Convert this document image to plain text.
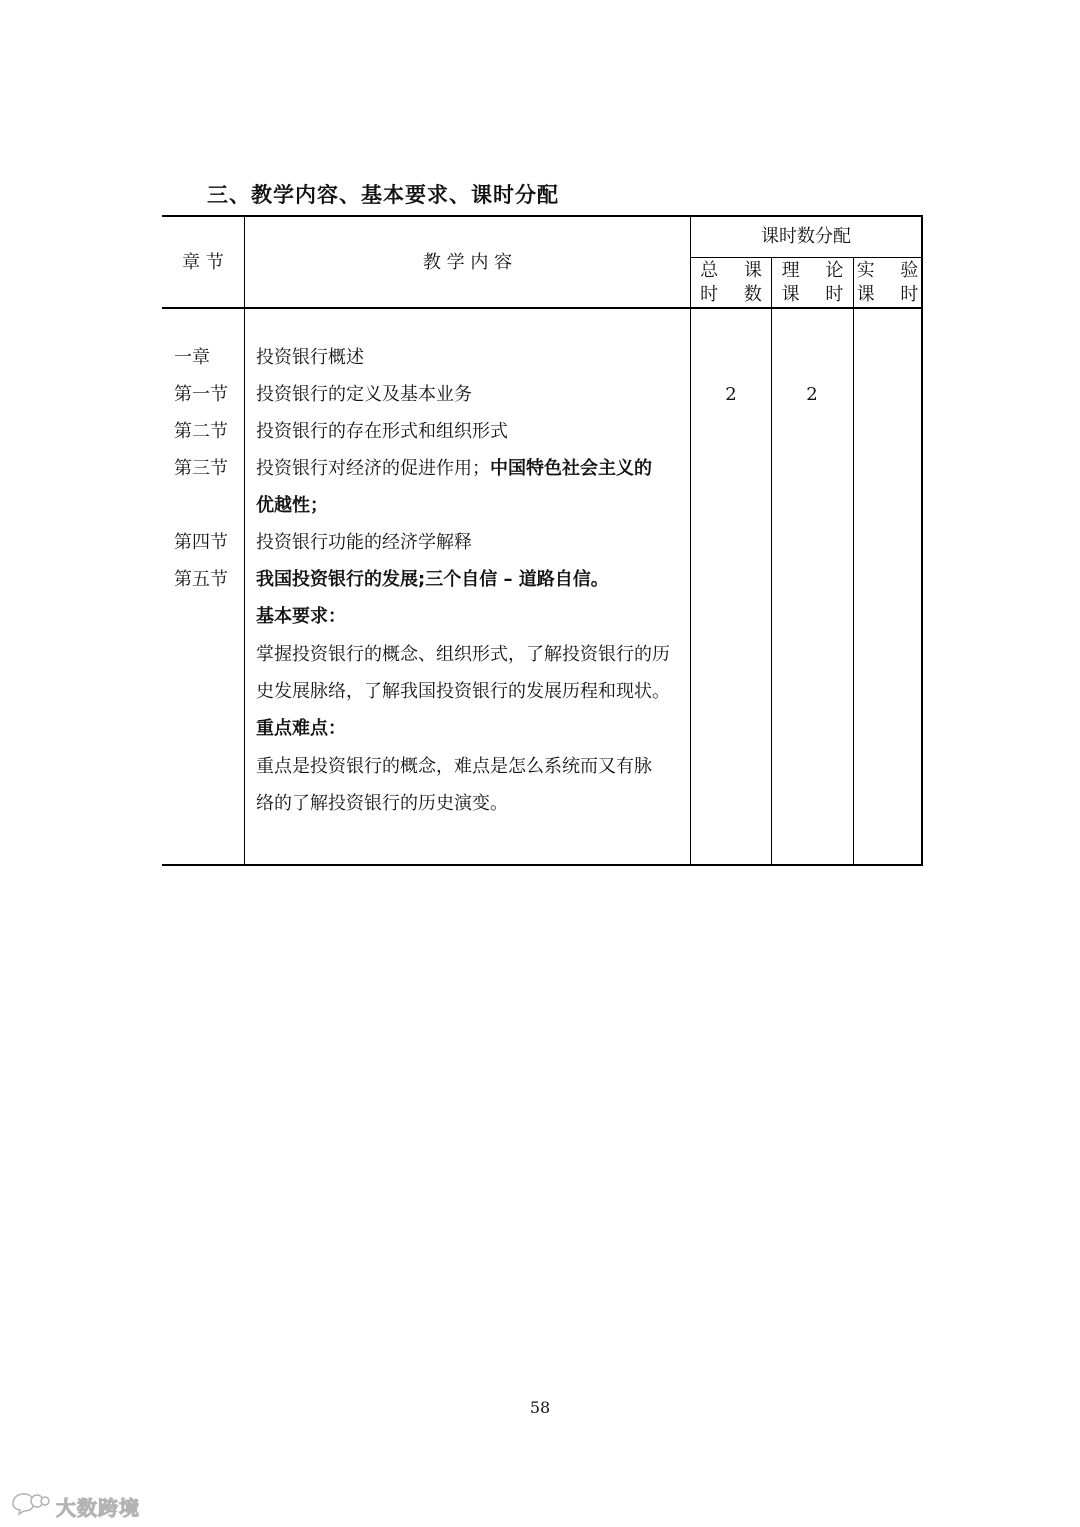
三、教学内容、基本要求、课时分配
章 节	教 学 内 容
课时数分配
总 课
时 数
理 论
课 时
实 验
课 时
一章
第一节
第二节
第三节
第四节
第五节
投资银行概述
投资银行的定义及基本业务
投资银行的存在形式和组织形式
投资银行对经济的促进作用；中国特色社会主义的
优越性；
投资银行功能的经济学解释
我国投资银行的发展;三个自信 – 道路自信。
基本要求：
掌握投资银行的概念、组织形式，了解投资银行的历
史发展脉络，了解我国投资银行的发展历程和现状。
重点难点：
重点是投资银行的概念，难点是怎么系统而又有脉
络的了解投资银行的历史演变。
2	2
58
大数跨境
